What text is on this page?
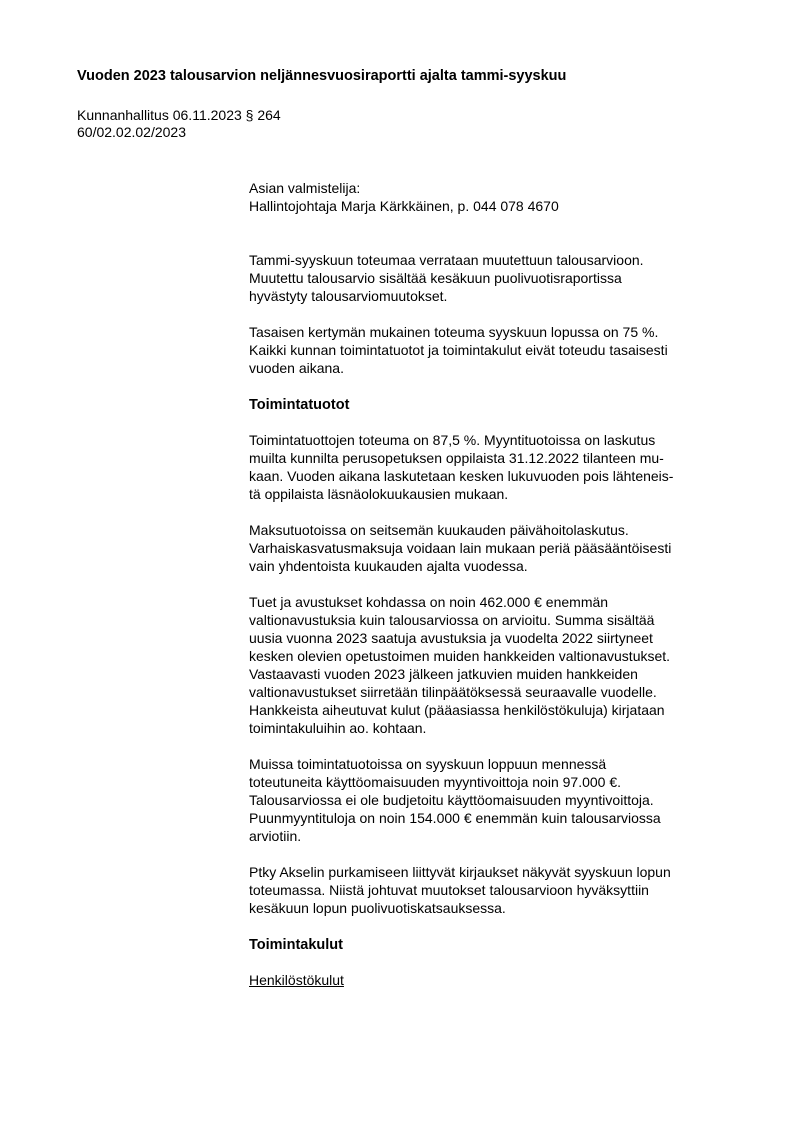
Vuoden 2023 talousarvion neljännesvuosiraportti ajalta tammi-syyskuu
Kunnanhallitus 06.11.2023 § 264
60/02.02.02/2023

Asian valmistelija:

Hallintojohtaja Marja Kärkkäinen, p. 044 078 4670

Tammi-syyskuun toteumaa verrataan muutettuun talousarvioon.
Muutettu talousarvio sisältää kesäkuun puolivuotisraportissa
hyvästyty talousarviomuutokset.

Tasaisen kertymän mukainen toteuma syyskuun lopussa on 75 %.
Kaikki kunnan toimintatuotot ja toimintakulut eivät toteudu tasaisesti
vuoden aikana.

Toimintatuotot

Toimintatuottojen toteuma on 87,5 %. Myyntituotoissa on laskutus
muilta kunnilta perusopetuksen oppilaista 31.12.2022 tilanteen mu-
kaan. Vuoden aikana laskutetaan kesken lukuvuoden pois lähteneis-
tä oppilaista läsnäolokuukausien mukaan.

Maksutuotoissa on seitsemän kuukauden päivähoitolaskutus.
Varhaiskasvatusmaksuja voidaan lain mukaan periä pääsääntöisesti
vain yhdentoista kuukauden ajalta vuodessa.

Tuet ja avustukset kohdassa on noin 462.000 € enemmän
valtionavustuksia kuin talousarviossa on arvioitu. Summa sisältää
uusia vuonna 2023 saatuja avustuksia ja vuodelta 2022 siirtyneet
kesken olevien opetustoimen muiden hankkeiden valtionavustukset.
Vastaavasti vuoden 2023 jälkeen jatkuvien muiden hankkeiden
valtionavustukset siirretään tilinpäätöksessä seuraavalle vuodelle.
Hankkeista aiheutuvat kulut (pääasiassa henkilöstökuluja) kirjataan
toimintakuluihin ao. kohtaan.

Muissa toimintatuotoissa on syyskuun loppuun mennessä
toteutuneita käyttöomaisuuden myyntivoittoja noin 97.000 €.
Talousarviossa ei ole budjetoitu käyttöomaisuuden myyntivoittoja.
Puunmyyntituloja on noin 154.000 € enemmän kuin talousarviossa
arviotiin.

Ptky Akselin purkamiseen liittyvät kirjaukset näkyvät syyskuun lopun
toteumassa. Niistä johtuvat muutokset talousarvioon hyväksyttiin
kesäkuun lopun puolivuotiskatsauksessa.

Toimintakulut

Henkilöstökulut
